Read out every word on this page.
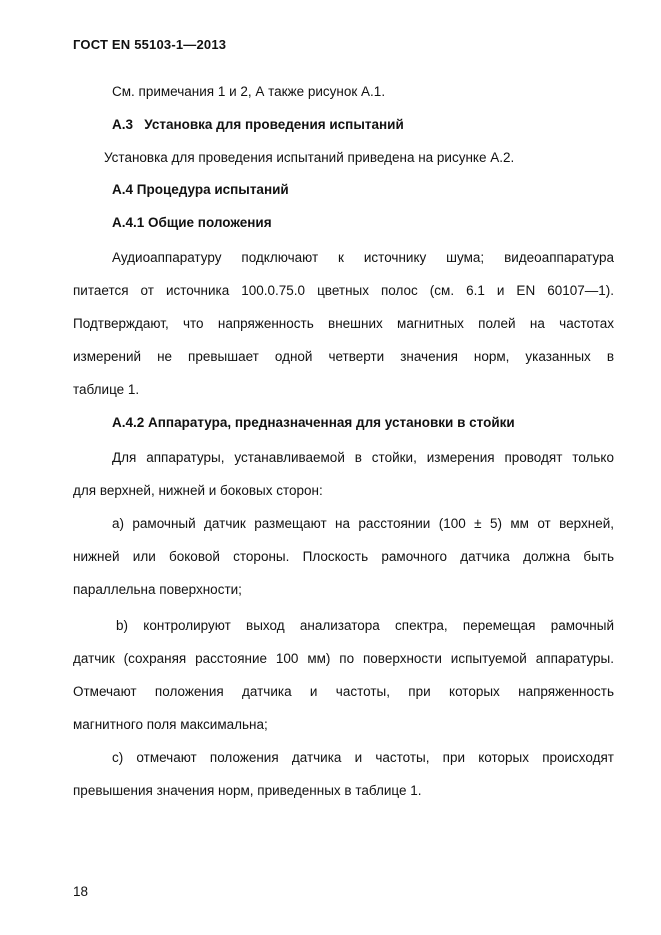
ГОСТ EN 55103-1—2013
См. примечания 1 и 2, А также рисунок А.1.
А.3 Установка для проведения испытаний
Установка для проведения испытаний приведена на рисунке А.2.
А.4 Процедура испытаний
А.4.1 Общие положения
Аудиоаппаратуру подключают к источнику шума; видеоаппаратура
питается от источника 100.0.75.0 цветных полос (см. 6.1 и EN 60107—1).
Подтверждают, что напряженность внешних магнитных полей на частотах
измерений не превышает одной четверти значения норм, указанных в
таблице 1.
А.4.2 Аппаратура, предназначенная для установки в стойки
Для аппаратуры, устанавливаемой в стойки, измерения проводят только
для верхней, нижней и боковых сторон:
а) рамочный датчик размещают на расстоянии (100 ± 5) мм от верхней,
нижней или боковой стороны. Плоскость рамочного датчика должна быть
параллельна поверхности;
b) контролируют выход анализатора спектра, перемещая рамочный
датчик (сохраняя расстояние 100 мм) по поверхности испытуемой аппаратуры.
Отмечают положения датчика и частоты, при которых напряженность
магнитного поля максимальна;
с) отмечают положения датчика и частоты, при которых происходят
превышения значения норм, приведенных в таблице 1.
18
